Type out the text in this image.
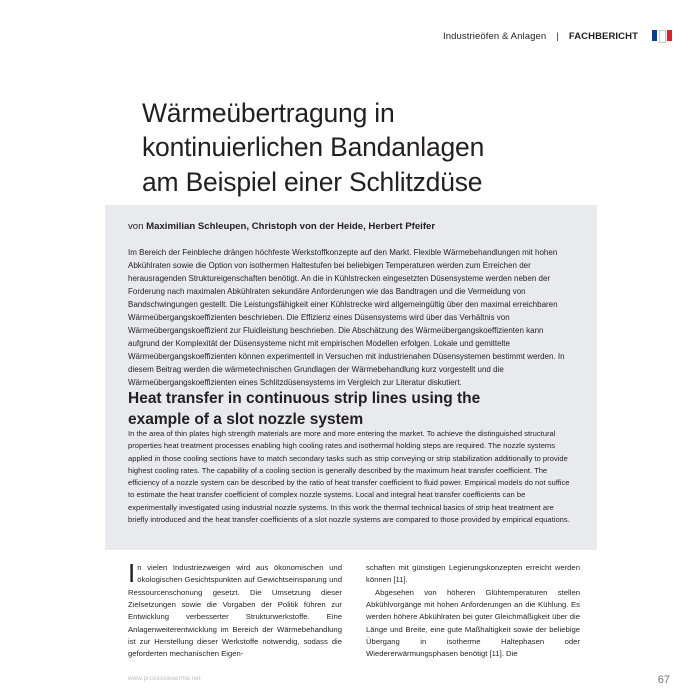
Industrieöfen & Anlagen | FACHBERICHT
Wärmeübertragung in
kontinuierlichen Bandanlagen
am Beispiel einer Schlitzdüse
von Maximilian Schleupen, Christoph von der Heide, Herbert Pfeifer
Im Bereich der Feinbleche drängen höchfeste Werkstoffkonzepte auf den Markt. Flexible Wärmebehandlungen mit hohen Abkühlraten sowie die Option von isothermen Haltestufen bei beliebigen Temperaturen werden zum Erreichen der herausragenden Struktureigenschaften benötigt. An die in Kühlstrecken eingesetzten Düsensysteme werden neben der Forderung nach maximalen Abkühlraten sekundäre Anforderungen wie das Bandtragen und die Vermeidung von Bandschwingungen gestellt. Die Leistungsfähigkeit einer Kühlstrecke wird allgemeingültig über den maximal erreichbaren Wärmeübergangskoeffizienten beschrieben. Die Effizienz eines Düsensystems wird über das Verhältnis von Wärmeübergangskoeffizient zur Fluidleistung beschrieben. Die Abschätzung des Wärmeübergangskoeffizienten kann aufgrund der Komplexität der Düsensysteme nicht mit empirischen Modellen erfolgen. Lokale und gemittelte Wärmeübergangskoeffizienten können experimentell in Versuchen mit industrienahen Düsensystemen bestimmt werden. In diesem Beitrag werden die wärmetechnischen Grundlagen der Wärmebehandlung kurz vorgestellt und die Wärmeübergangskoeffizienten eines Schlitzdüsensystems im Vergleich zur Literatur diskutiert.
Heat transfer in continuous strip lines using the
example of a slot nozzle system
In the area of thin plates high strength materials are more and more entering the market. To achieve the distinguished structural properties heat treatment processes enabling high cooling rates and isothermal holding steps are required. The nozzle systems applied in those cooling sections have to match secondary tasks such as strip conveying or strip stabilization additionally to provide highest cooling rates. The capability of a cooling section is generally described by the maximum heat transfer coefficient. The efficiency of a nozzle system can be described by the ratio of heat transfer coefficient to fluid power. Empirical models do not suffice to estimate the heat transfer coefficient of complex nozzle systems. Local and integral heat transfer coefficients can be experimentally investigated using industrial nozzle systems. In this work the thermal technical basics of strip heat treatment are briefly introduced and the heat transfer coefficients of a slot nozzle systems are compared to those provided by empirical equations.

In vielen Industriezweigen wird aus ökonomischen und ökologischen Gesichtspunkten auf Gewichtseinsparung und Ressourcenschonung gesetzt. Die Umsetzung dieser Zielsetzungen sowie die Vorgaben der Politik führen zur Entwicklung verbesserter Strukturwerkstoffe. Eine Anlagenweiterentwicklung im Bereich der Wärmebehandlung ist zur Herstellung dieser Werkstoffe notwendig, sodass die geforderten mechanischen Eigen-

schaften mit günstigen Legierungskonzepten erreicht werden können [11].

Abgesehen von höheren Glühtemperaturen stellen Abkühlvorgänge mit hohen Anforderungen an die Kühlung. Es werden höhere Abkühlraten bei guter Gleichmäßigkeit über die Länge und Breite, eine gute Maßhaltigkeit sowie der beliebige Übergang in isotherme Haltephasen oder Wiedererwärmungsphasen benötigt [11]. Die

www.prozesswaerme.net	67
